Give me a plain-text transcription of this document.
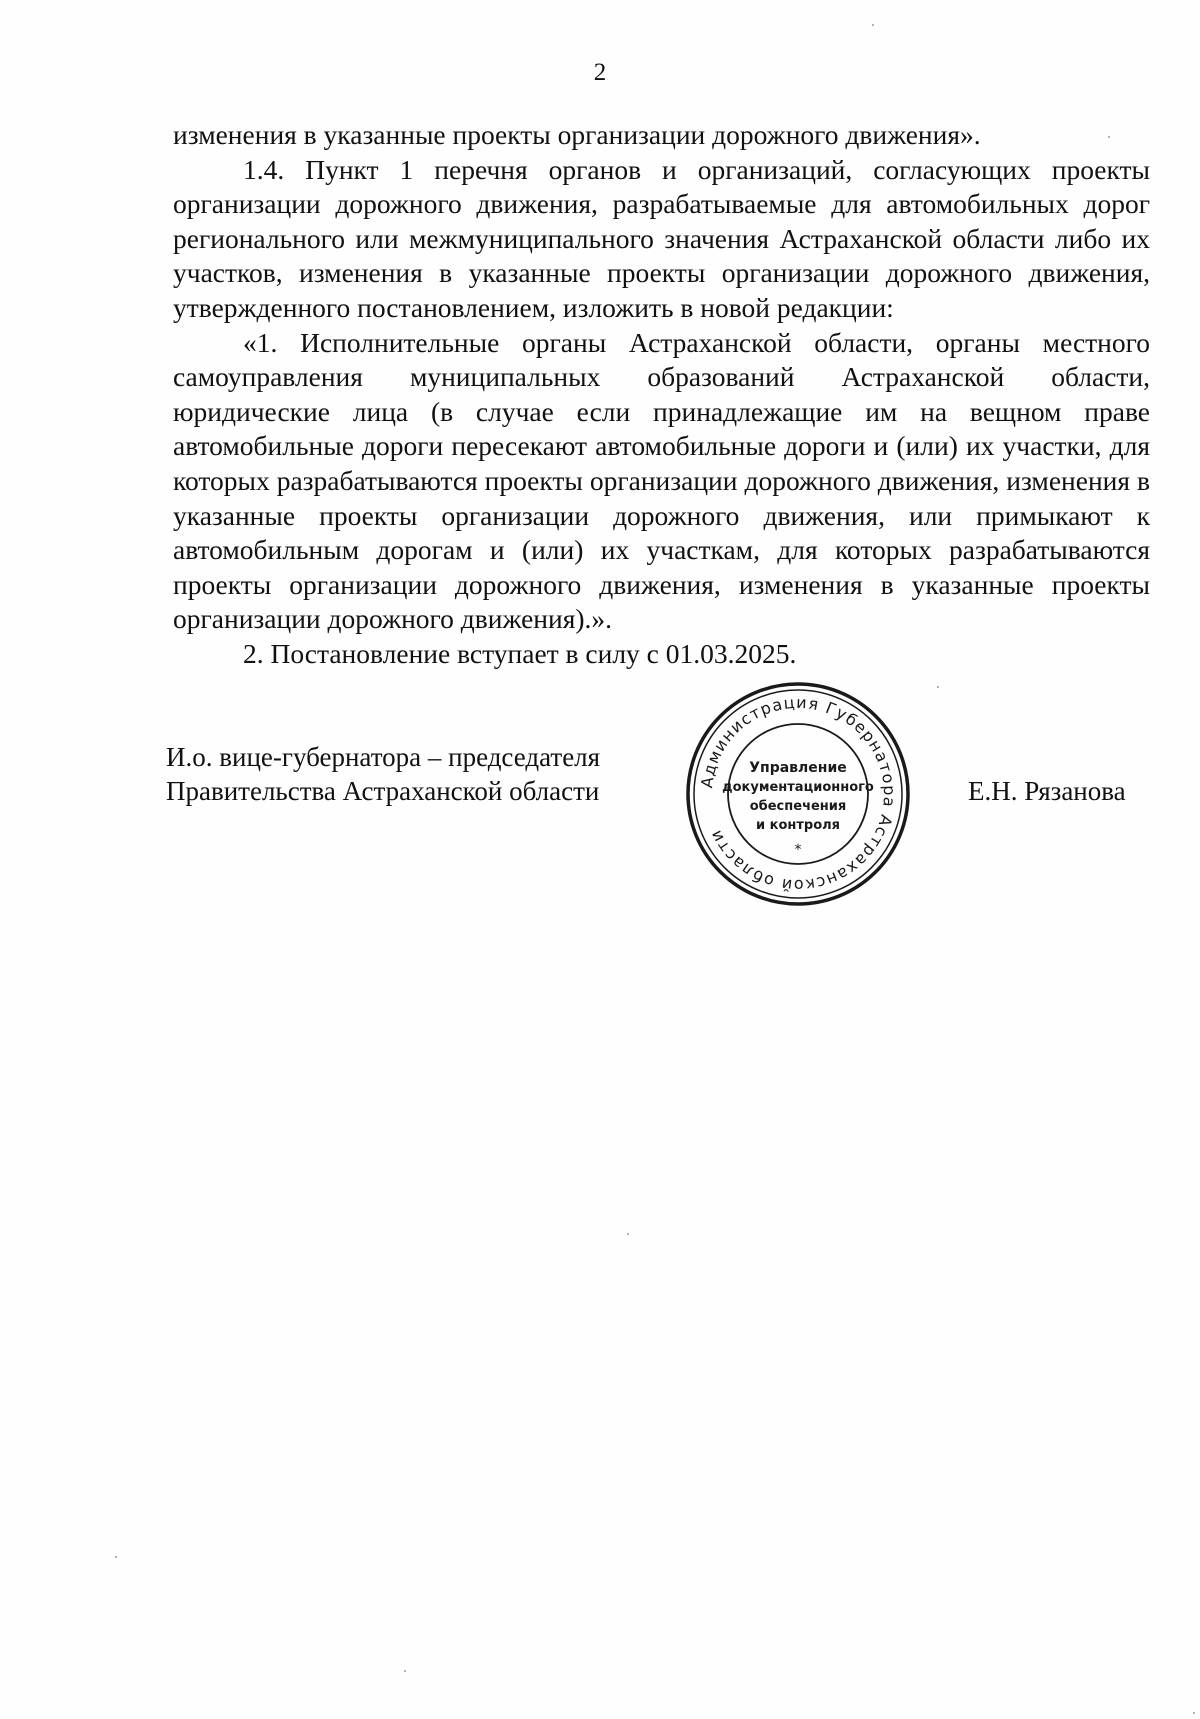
2

изменения в указанные проекты организации дорожного движения».

1.4. Пункт 1 перечня органов и организаций, согласующих проекты организации дорожного движения, разрабатываемые для автомобильных дорог регионального или межмуниципального значения Астраханской области либо их участков, изменения в указанные проекты организации дорожного движения, утвержденного постановлением, изложить в новой редакции:

«1. Исполнительные органы Астраханской области, органы местного самоуправления муниципальных образований Астраханской области, юридические лица (в случае если принадлежащие им на вещном праве автомобильные дороги пересекают автомобильные дороги и (или) их участки, для которых разрабатываются проекты организации дорожного движения, изменения в указанные проекты организации дорожного движения, или примыкают к автомобильным дорогам и (или) их участкам, для которых разрабатываются проекты организации дорожного движения, изменения в указанные проекты организации дорожного движения).».

2. Постановление вступает в силу с 01.03.2025.

И.о. вице-губернатора – председателя
Правительства Астраханской области	Администрация Губернатора Астраханской области
*
Управление
документационного
обеспечения
и контроля
Е.Н. Рязанова
